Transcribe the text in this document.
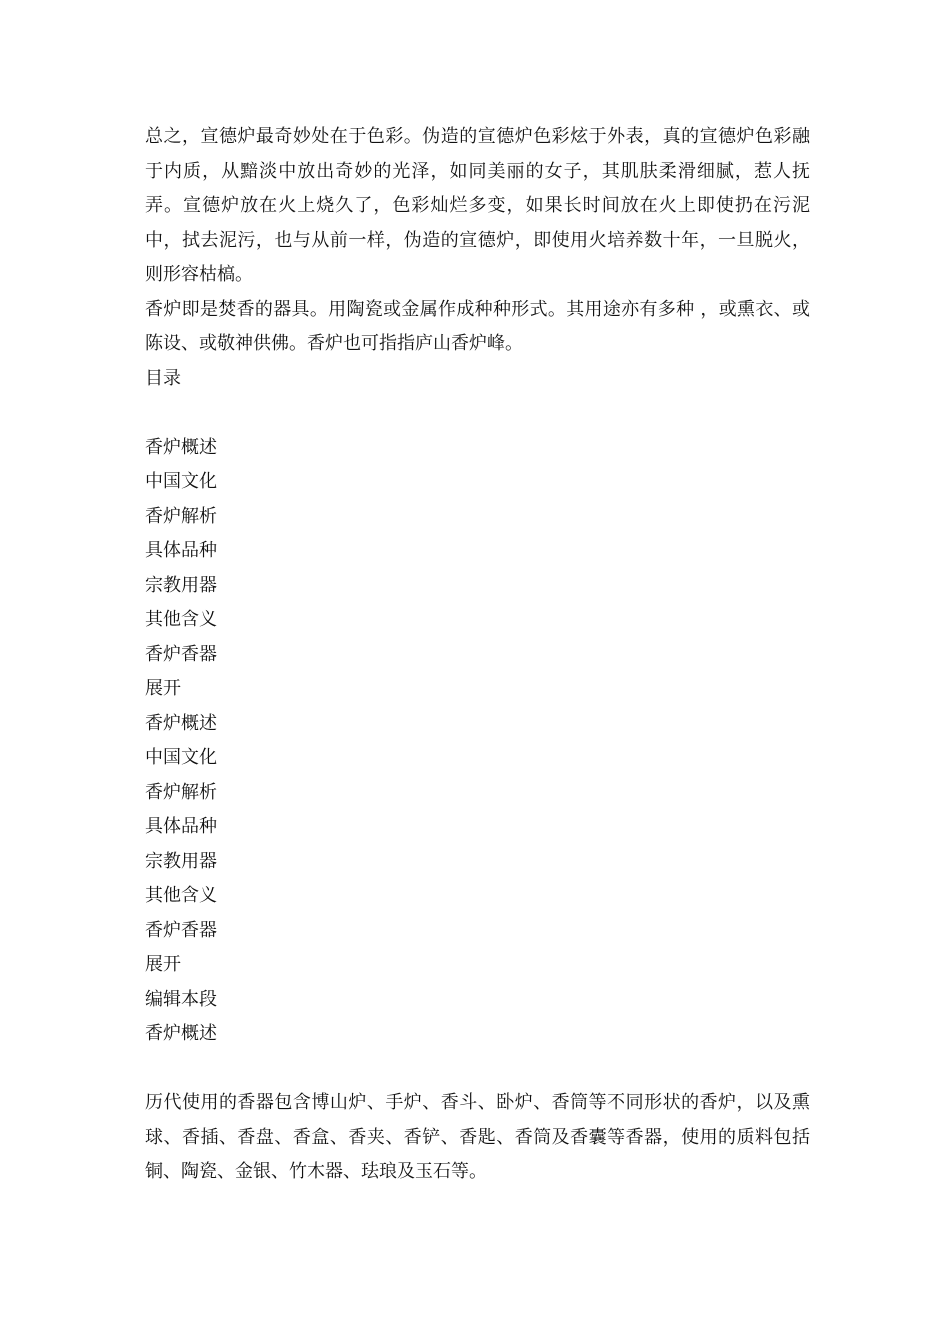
总之，宣德炉最奇妙处在于色彩。伪造的宣德炉色彩炫于外表，真的宣德炉色彩融于内质，从黯淡中放出奇妙的光泽，如同美丽的女子，其肌肤柔滑细腻，惹人抚弄。宣德炉放在火上烧久了，色彩灿烂多变，如果长时间放在火上即使扔在污泥中，拭去泥污，也与从前一样，伪造的宣德炉，即使用火培养数十年，一旦脱火，则形容枯槁。

香炉即是焚香的器具。用陶瓷或金属作成种种形式。其用途亦有多种 ，或熏衣、或陈设、或敬神供佛。香炉也可指指庐山香炉峰。

目录
香炉概述
中国文化
香炉解析
具体品种
宗教用器
其他含义
香炉香器
展开
香炉概述
中国文化
香炉解析
具体品种
宗教用器
其他含义
香炉香器
展开
编辑本段
香炉概述

历代使用的香器包含博山炉、手炉、香斗、卧炉、香筒等不同形状的香炉，以及熏球、香插、香盘、香盒、香夹、香铲、香匙、香筒及香囊等香器，使用的质料包括铜、陶瓷、金银、竹木器、珐琅及玉石等。
